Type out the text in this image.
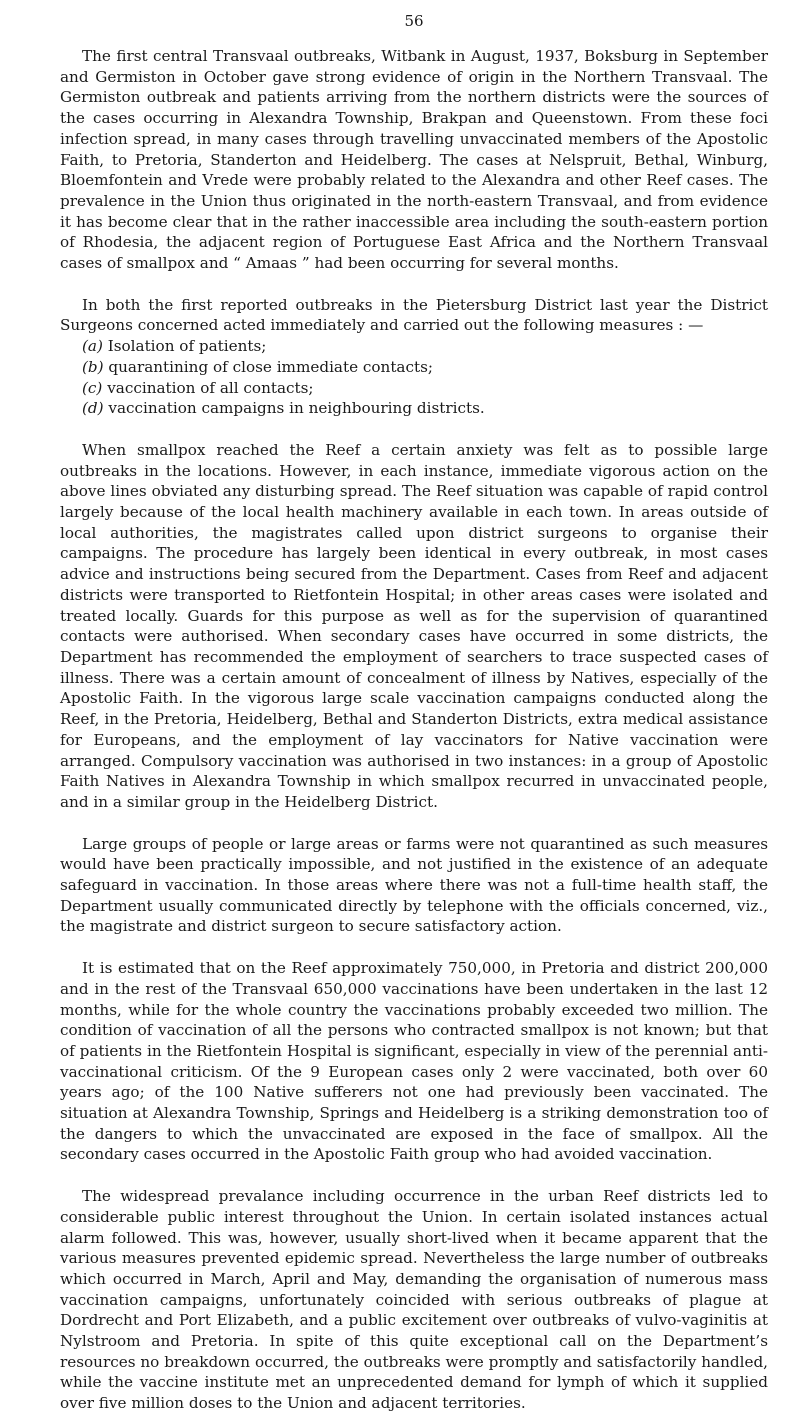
56

The first central Transvaal outbreaks, Witbank in August, 1937, Boksburg in September and Germiston in October gave strong evidence of origin in the Northern Transvaal. The Germiston outbreak and patients arriving from the northern districts were the sources of the cases occurring in Alexandra Township, Brakpan and Queenstown. From these foci infection spread, in many cases through travelling unvaccinated members of the Apostolic Faith, to Pretoria, Standerton and Heidelberg. The cases at Nelspruit, Bethal, Winburg, Bloemfontein and Vrede were probably related to the Alexandra and other Reef cases. The prevalence in the Union thus originated in the north-eastern Transvaal, and from evidence it has become clear that in the rather inaccessible area including the south-eastern portion of Rhodesia, the adjacent region of Portuguese East Africa and the Northern Transvaal cases of smallpox and “ Amaas ” had been occurring for several months.

In both the first reported outbreaks in the Pietersburg District last year the District Surgeons concerned acted immediately and carried out the following measures : —

(a) Isolation of patients;
(b) quarantining of close immediate contacts;
(c) vaccination of all contacts;
(d) vaccination campaigns in neighbouring districts.

When smallpox reached the Reef a certain anxiety was felt as to possible large outbreaks in the locations. However, in each instance, immediate vigorous action on the above lines obviated any disturbing spread. The Reef situation was capable of rapid control largely because of the local health machinery available in each town. In areas outside of local authorities, the magistrates called upon district surgeons to organise their campaigns. The procedure has largely been identical in every outbreak, in most cases advice and instructions being secured from the Department. Cases from Reef and adjacent districts were transported to Rietfontein Hospital; in other areas cases were isolated and treated locally. Guards for this purpose as well as for the supervision of quarantined contacts were authorised. When secondary cases have occurred in some districts, the Department has recommended the employment of searchers to trace suspected cases of illness. There was a certain amount of concealment of illness by Natives, especially of the Apostolic Faith. In the vigorous large scale vaccination campaigns conducted along the Reef, in the Pretoria, Heidelberg, Bethal and Standerton Districts, extra medical assistance for Europeans, and the employment of lay vaccinators for Native vaccination were arranged. Compulsory vaccination was authorised in two instances: in a group of Apostolic Faith Natives in Alexandra Township in which smallpox recurred in unvaccinated people, and in a similar group in the Heidelberg District.

Large groups of people or large areas or farms were not quarantined as such measures would have been practically impossible, and not justified in the existence of an adequate safeguard in vaccination. In those areas where there was not a full-time health staff, the Department usually communicated directly by telephone with the officials concerned, viz., the magistrate and district surgeon to secure satisfactory action.

It is estimated that on the Reef approximately 750,000, in Pretoria and district 200,000 and in the rest of the Transvaal 650,000 vaccinations have been undertaken in the last 12 months, while for the whole country the vaccinations probably exceeded two million. The condition of vaccination of all the persons who contracted smallpox is not known; but that of patients in the Rietfontein Hospital is significant, especially in view of the perennial anti-vaccinational criticism. Of the 9 European cases only 2 were vaccinated, both over 60 years ago; of the 100 Native sufferers not one had previously been vaccinated. The situation at Alexandra Township, Springs and Heidelberg is a striking demonstration too of the dangers to which the unvaccinated are exposed in the face of smallpox. All the secondary cases occurred in the Apostolic Faith group who had avoided vaccination.

The widespread prevalance including occurrence in the urban Reef districts led to considerable public interest throughout the Union. In certain isolated instances actual alarm followed. This was, however, usually short-lived when it became apparent that the various measures prevented epidemic spread. Nevertheless the large number of outbreaks which occurred in March, April and May, demanding the organisation of numerous mass vaccination campaigns, unfortunately coincided with serious outbreaks of plague at Dordrecht and Port Elizabeth, and a public excitement over outbreaks of vulvo-vaginitis at Nylstroom and Pretoria. In spite of this quite exceptional call on the Department’s resources no breakdown occurred, the outbreaks were promptly and satisfactorily handled, while the vaccine institute met an unprecedented demand for lymph of which it supplied over five million doses to the Union and adjacent territories.
